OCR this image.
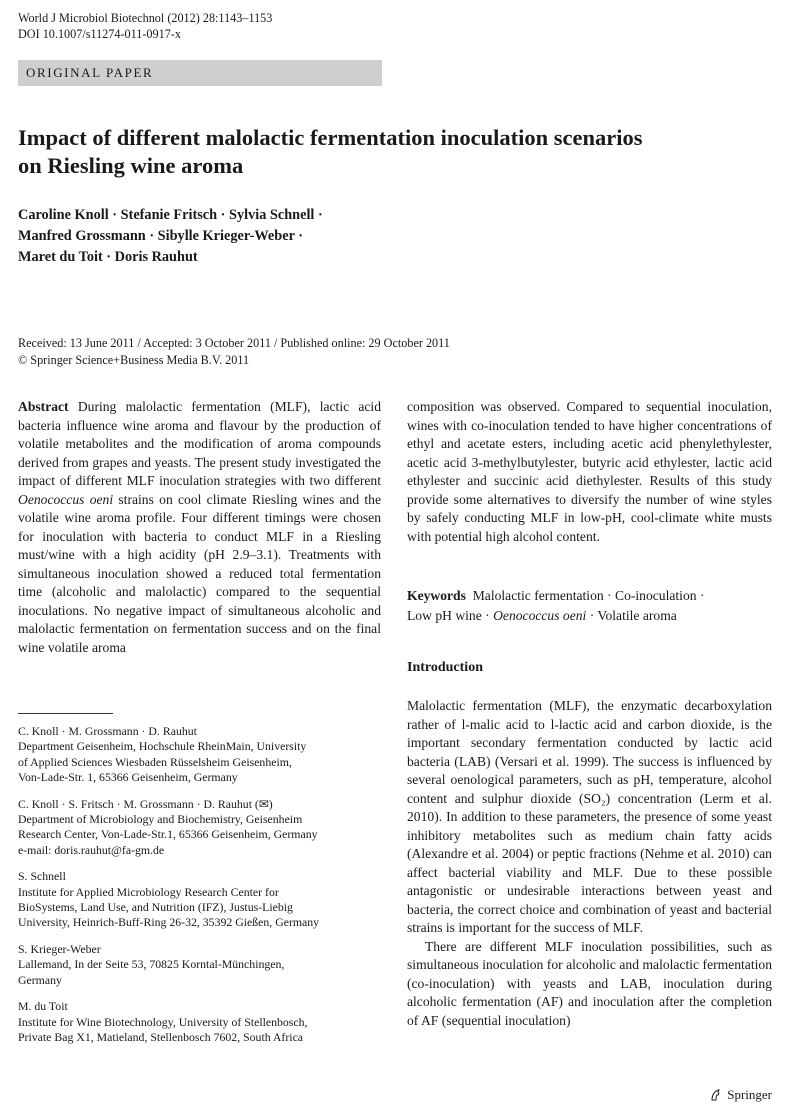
World J Microbiol Biotechnol (2012) 28:1143–1153
DOI 10.1007/s11274-011-0917-x
ORIGINAL PAPER
Impact of different malolactic fermentation inoculation scenarios
on Riesling wine aroma
Caroline Knoll · Stefanie Fritsch · Sylvia Schnell ·
Manfred Grossmann · Sibylle Krieger-Weber ·
Maret du Toit · Doris Rauhut
Received: 13 June 2011 / Accepted: 3 October 2011 / Published online: 29 October 2011
© Springer Science+Business Media B.V. 2011

Abstract During malolactic fermentation (MLF), lactic acid bacteria influence wine aroma and flavour by the production of volatile metabolites and the modification of aroma compounds derived from grapes and yeasts. The present study investigated the impact of different MLF inoculation strategies with two different Oenococcus oeni strains on cool climate Riesling wines and the volatile wine aroma profile. Four different timings were chosen for inoculation with bacteria to conduct MLF in a Riesling must/wine with a high acidity (pH 2.9–3.1). Treatments with simultaneous inoculation showed a reduced total fermentation time (alcoholic and malolactic) compared to the sequential inoculations. No negative impact of simultaneous alcoholic and malolactic fermentation on fermentation success and on the final wine volatile aroma

composition was observed. Compared to sequential inoculation, wines with co-inoculation tended to have higher concentrations of ethyl and acetate esters, including acetic acid phenylethylester, acetic acid 3-methylbutylester, butyric acid ethylester, lactic acid ethylester and succinic acid diethylester. Results of this study provide some alternatives to diversify the number of wine styles by safely conducting MLF in low-pH, cool-climate white musts with potential high alcohol content.

Keywords Malolactic fermentation · Co-inoculation ·
Low pH wine · Oenococcus oeni · Volatile aroma
Introduction

Malolactic fermentation (MLF), the enzymatic decarboxylation rather of l-malic acid to l-lactic acid and carbon dioxide, is the important secondary fermentation conducted by lactic acid bacteria (LAB) (Versari et al. 1999). The success is influenced by several oenological parameters, such as pH, temperature, alcohol content and sulphur dioxide (SO₂) concentration (Lerm et al. 2010). In addition to these parameters, the presence of some yeast inhibitory metabolites such as medium chain fatty acids (Alexandre et al. 2004) or peptic fractions (Nehme et al. 2010) can affect bacterial viability and MLF. Due to these possible antagonistic or undesirable interactions between yeast and bacteria, the correct choice and combination of yeast and bacterial strains is important for the success of MLF.

There are different MLF inoculation possibilities, such as simultaneous inoculation for alcoholic and malolactic fermentation (co-inoculation) with yeasts and LAB, inoculation during alcoholic fermentation (AF) and inoculation after the completion of AF (sequential inoculation)

C. Knoll · M. Grossmann · D. Rauhut
Department Geisenheim, Hochschule RheinMain, University
of Applied Sciences Wiesbaden Rüsselsheim Geisenheim,
Von-Lade-Str. 1, 65366 Geisenheim, Germany
C. Knoll · S. Fritsch · M. Grossmann · D. Rauhut (✉)
Department of Microbiology and Biochemistry, Geisenheim
Research Center, Von-Lade-Str.1, 65366 Geisenheim, Germany
e-mail: doris.rauhut@fa-gm.de
S. Schnell
Institute for Applied Microbiology Research Center for
BioSystems, Land Use, and Nutrition (IFZ), Justus-Liebig
University, Heinrich-Buff-Ring 26-32, 35392 Gießen, Germany
S. Krieger-Weber
Lallemand, In der Seite 53, 70825 Korntal-Münchingen,
Germany
M. du Toit
Institute for Wine Biotechnology, University of Stellenbosch,
Private Bag X1, Matieland, Stellenbosch 7602, South Africa
Springer
